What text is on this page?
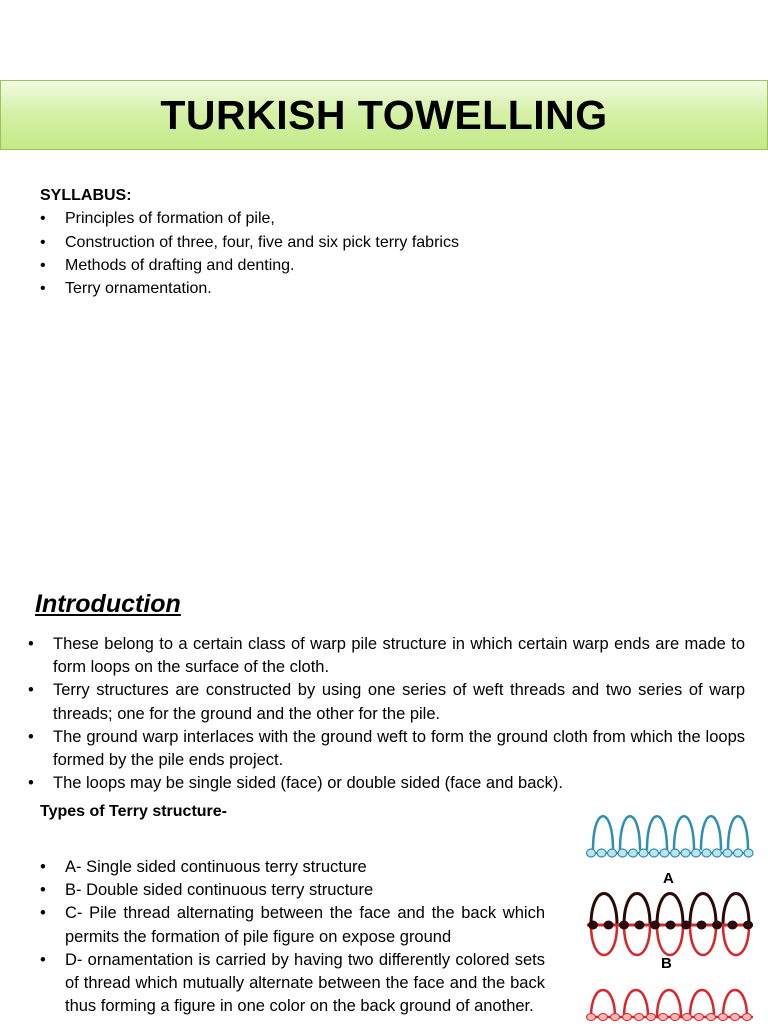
TURKISH TOWELLING
SYLLABUS:
• Principles of formation of pile,
• Construction of three, four, five and six pick terry fabrics
• Methods of drafting and denting.
• Terry ornamentation.
Introduction
• These belong to a certain class of warp pile structure in which certain warp ends are made to form loops on the surface of the cloth.
• Terry structures are constructed by using one series of weft threads and two series of warp threads; one for the ground and the other for the pile.
• The ground warp interlaces with the ground weft to form the ground cloth from which the loops formed by the pile ends project.
• The loops may be single sided (face) or double sided (face and back).
Types of Terry structure-
• A- Single sided continuous terry structure
• B- Double sided continuous terry structure
• C- Pile thread alternating between the face and the back which permits the formation of pile figure on expose ground
• D- ornamentation is carried by having two differently colored sets of thread which mutually alternate between the face and the back thus forming a figure in one color on the back ground of another.
A
B
